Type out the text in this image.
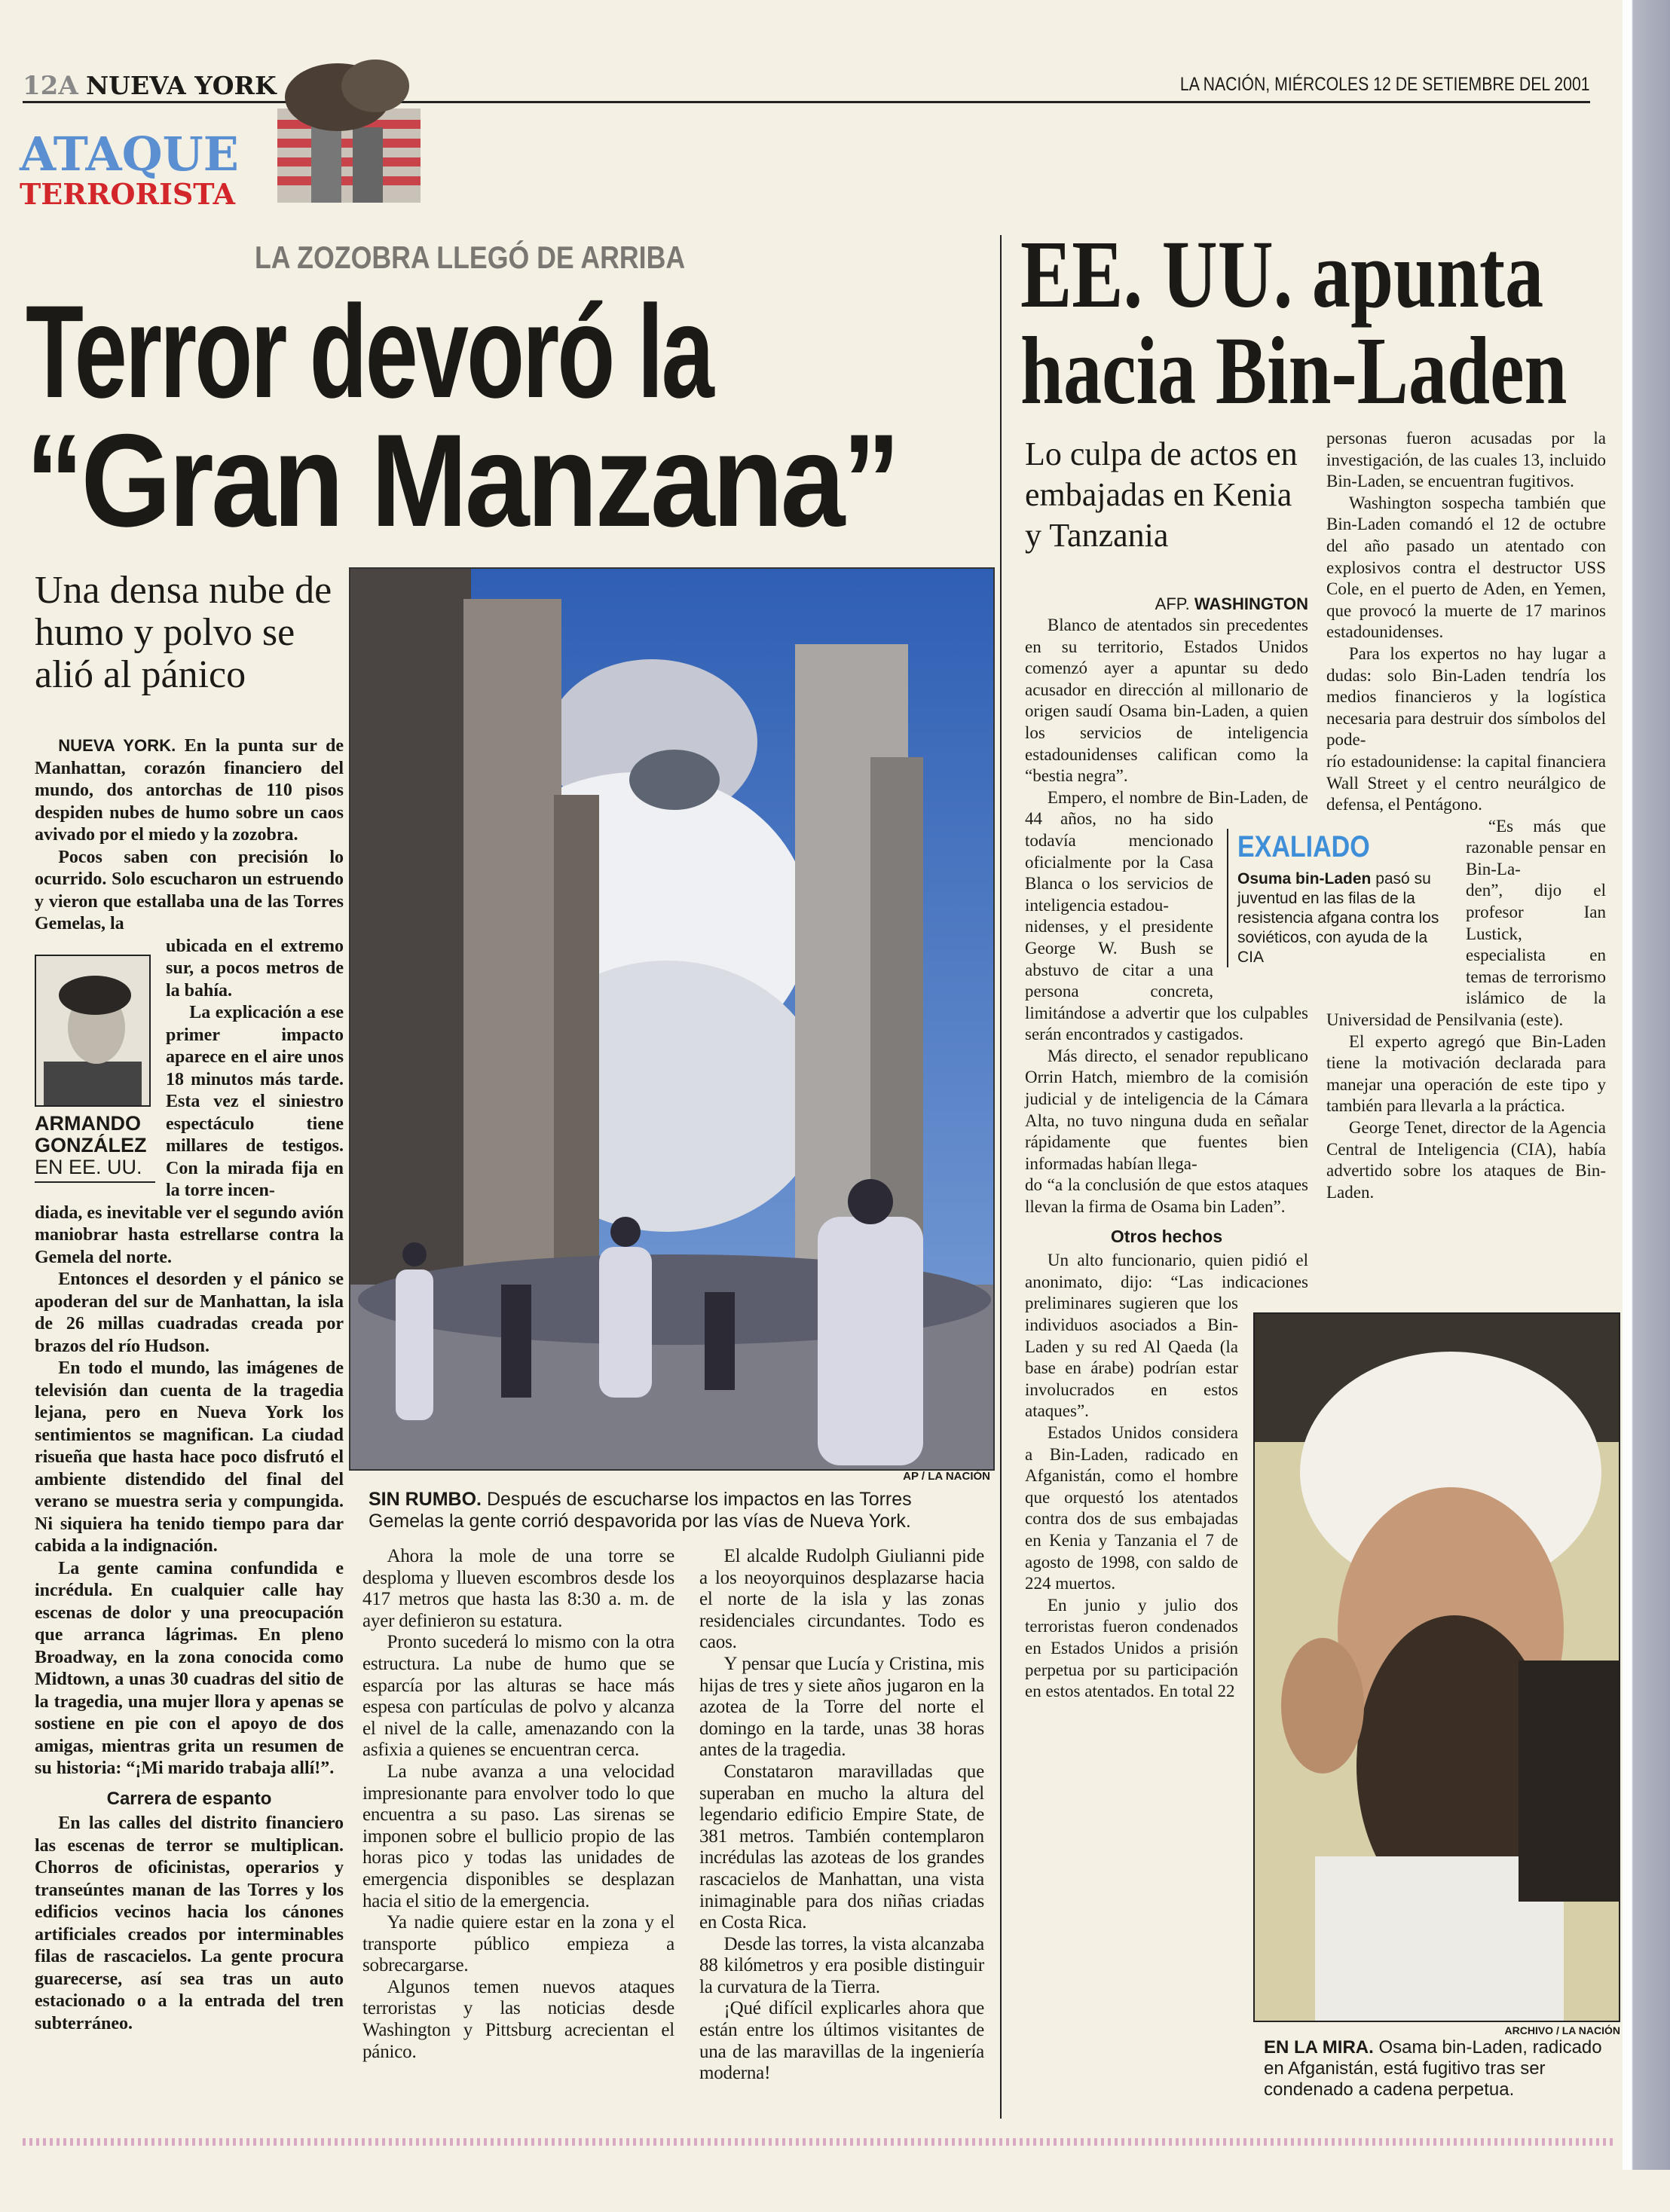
12A NUEVA YORK	LA NACIÓN, MIÉRCOLES 12 DE SETIEMBRE DEL 2001
ATAQUE
TERRORISTA
LA ZOZOBRA LLEGÓ DE ARRIBA
Terror devoró la
“Gran Manzana”
Una densa nube de humo y polvo se alió al pánico
AP / LA NACIÓN
SIN RUMBO. Después de escucharse los impactos en las Torres Gemelas la gente corrió despavorida por las vías de Nueva York.
ARMANDO
GONZÁLEZ
EN EE. UU.

NUEVA YORK. En la punta sur de Manhattan, corazón financiero del mundo, dos antorchas de 110 pisos despiden nubes de humo sobre un caos avivado por el miedo y la zozobra.

Pocos saben con precisión lo ocurrido. Solo escucharon un estruendo y vieron que estallaba una de las Torres Gemelas, la

ubicada en el extremo sur, a pocos metros de la bahía.

La explicación a ese primer impacto aparece en el aire unos 18 minutos más tarde. Esta vez el siniestro espectáculo tiene millares de testigos. Con la mirada fija en la torre incen-

diada, es inevitable ver el segundo avión maniobrar hasta estrellarse contra la Gemela del norte.

Entonces el desorden y el pánico se apoderan del sur de Manhattan, la isla de 26 millas cuadradas creada por brazos del río Hudson.

En todo el mundo, las imágenes de televisión dan cuenta de la tragedia lejana, pero en Nueva York los sentimientos se magnifican. La ciudad risueña que hasta hace poco disfrutó el ambiente distendido del final del verano se muestra seria y compungida. Ni siquiera ha tenido tiempo para dar cabida a la indignación.

La gente camina confundida e incrédula. En cualquier calle hay escenas de dolor y una preocupación que arranca lágrimas. En pleno Broadway, en la zona conocida como Midtown, a unas 30 cuadras del sitio de la tragedia, una mujer llora y apenas se sostiene en pie con el apoyo de dos amigas, mientras grita un resumen de su historia: “¡Mi marido trabaja allí!”.

Carrera de espanto

En las calles del distrito financiero las escenas de terror se multiplican. Chorros de oficinistas, operarios y transeúntes manan de las Torres y los edificios vecinos hacia los cánones artificiales creados por interminables filas de rascacielos. La gente procura guarecerse, así sea tras un auto estacionado o a la entrada del tren subterráneo.

Ahora la mole de una torre se desploma y llueven escombros desde los 417 metros que hasta las 8:30 a. m. de ayer definieron su estatura.

Pronto sucederá lo mismo con la otra estructura. La nube de humo que se esparcía por las alturas se hace más espesa con partículas de polvo y alcanza el nivel de la calle, amenazando con la asfixia a quienes se encuentran cerca.

La nube avanza a una velocidad impresionante para envolver todo lo que encuentra a su paso. Las sirenas se imponen sobre el bullicio propio de las horas pico y todas las unidades de emergencia disponibles se desplazan hacia el sitio de la emergencia.

Ya nadie quiere estar en la zona y el transporte público empieza a sobrecargarse.

Algunos temen nuevos ataques terroristas y las noticias desde Washington y Pittsburg acrecientan el pánico.

El alcalde Rudolph Giulianni pide a los neoyorquinos desplazarse hacia el norte de la isla y las zonas residenciales circundantes. Todo es caos.

Y pensar que Lucía y Cristina, mis hijas de tres y siete años jugaron en la azotea de la Torre del norte el domingo en la tarde, unas 38 horas antes de la tragedia.

Constataron maravilladas que superaban en mucho la altura del legendario edificio Empire State, de 381 metros. También contemplaron incrédulas las azoteas de los grandes rascacielos de Manhattan, una vista inimaginable para dos niñas criadas en Costa Rica.

Desde las torres, la vista alcanzaba 88 kilómetros y era posible distinguir la curvatura de la Tierra.

¡Qué difícil explicarles ahora que están entre los últimos visitantes de una de las maravillas de la ingeniería moderna!

EE. UU. apunta
hacia Bin-Laden
Lo culpa de actos en embajadas en Kenia y Tanzania
AFP. WASHINGTON

Blanco de atentados sin precedentes en su territorio, Estados Unidos comenzó ayer a apuntar su dedo acusador en dirección al millonario de origen saudí Osama bin-Laden, a quien los servicios de inteligencia estadounidenses califican como la “bestia negra”.

Empero, el nombre de Bin-Laden, de 44 años, no ha sido todavía mencionado oficialmente por la Casa Blanca o los servicios de inteligencia estadou-

nidenses, y el presidente George W. Bush se abstuvo de citar a una persona concreta, limitándose a advertir que los culpables serán encontrados y castigados.

Más directo, el senador republicano Orrin Hatch, miembro de la comisión judicial y de inteligencia de la Cámara Alta, no tuvo ninguna duda en señalar rápidamente que fuentes bien informadas habían llega-

do “a la conclusión de que estos ataques llevan la firma de Osama bin Laden”.

Otros hechos

Un alto funcionario, quien pidió el anonimato, dijo: “Las indicaciones preliminares sugieren que los individuos asociados a Bin-Laden y su red Al Qaeda (la base en árabe) podrían estar involucrados en estos ataques”.

Estados Unidos considera a Bin-Laden, radicado en Afganistán, como el hombre que orquestó los atentados contra dos de sus embajadas en Kenia y Tanzania el 7 de agosto de 1998, con saldo de 224 muertos.

En junio y julio dos terroristas fueron condenados en Estados Unidos a prisión perpetua por su participación en estos atentados. En total 22

EXALIADO
Osuma bin-Laden pasó su juventud en las filas de la resistencia afgana contra los soviéticos, con ayuda de la CIA

personas fueron acusadas por la investigación, de las cuales 13, incluido Bin-Laden, se encuentran fugitivos.

Washington sospecha también que Bin-Laden comandó el 12 de octubre del año pasado un atentado con explosivos contra el destructor USS Cole, en el puerto de Aden, en Yemen, que provocó la muerte de 17 marinos estadounidenses.

Para los expertos no hay lugar a dudas: solo Bin-Laden tendría los medios financieros y la logística necesaria para destruir dos símbolos del pode-

río estadounidense: la capital financiera Wall Street y el centro neurálgico de defensa, el Pentágono.

“Es más que razonable pensar en Bin-La-

den”, dijo el profesor Ian Lustick, especialista en temas de terrorismo islámico de la Universidad de Pensilvania (este).

El experto agregó que Bin-Laden tiene la motivación declarada para manejar una operación de este tipo y también para llevarla a la práctica.

George Tenet, director de la Agencia Central de Inteligencia (CIA), había advertido sobre los ataques de Bin-Laden.

ARCHIVO / LA NACIÓN
EN LA MIRA. Osama bin-Laden, radicado en Afganistán, está fugitivo tras ser condenado a cadena perpetua.
